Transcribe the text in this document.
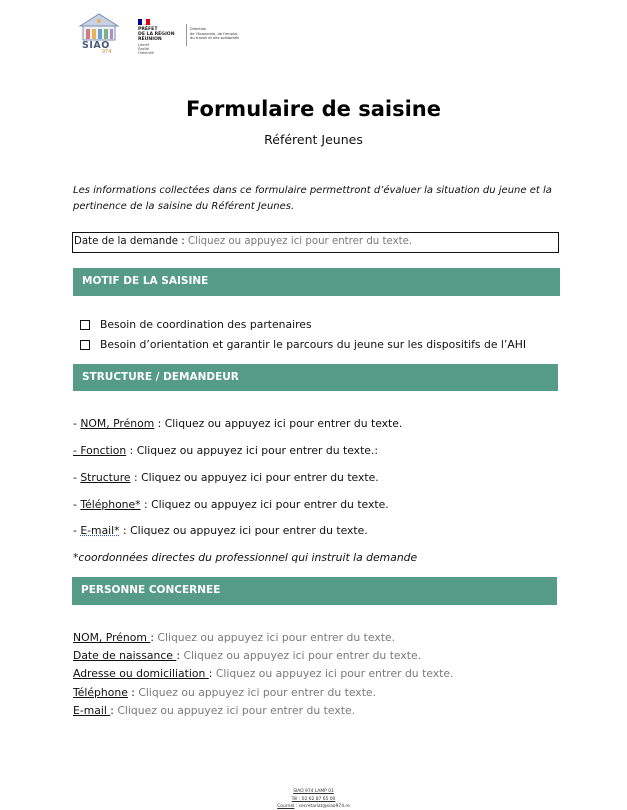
SIAO
974
PRÉFET
DE LA RÉGION
RÉUNION
Liberté
Égalité
Fraternité
Direction
de l'économie, de l'emploi,
du travail et des solidarités
Formulaire de saisine
Référent Jeunes
Les informations collectées dans ce formulaire permettront d’évaluer la situation du jeune et la pertinence de la saisine du Référent Jeunes.
Date de la demande : Cliquez ou appuyez ici pour entrer du texte.
MOTIF DE LA SAISINE
Besoin de coordination des partenaires
Besoin d’orientation et garantir le parcours du jeune sur les dispositifs de l’AHI
STRUCTURE / DEMANDEUR
- NOM, Prénom : Cliquez ou appuyez ici pour entrer du texte.
- Fonction : Cliquez ou appuyez ici pour entrer du texte.:
- Structure : Cliquez ou appuyez ici pour entrer du texte.
- Téléphone* : Cliquez ou appuyez ici pour entrer du texte.
- E-mail* : Cliquez ou appuyez ici pour entrer du texte.
*coordonnées directes du professionnel qui instruit la demande
PERSONNE CONCERNEE
NOM, Prénom : Cliquez ou appuyez ici pour entrer du texte.
Date de naissance : Cliquez ou appuyez ici pour entrer du texte.
Adresse ou domiciliation : Cliquez ou appuyez ici pour entrer du texte.
Téléphone : Cliquez ou appuyez ici pour entrer du texte.
E-mail : Cliquez ou appuyez ici pour entrer du texte.
SIAO 974 LAMP 01
Tél : 02 62 87 65 00
Courriel : secretariat@siao974.re
